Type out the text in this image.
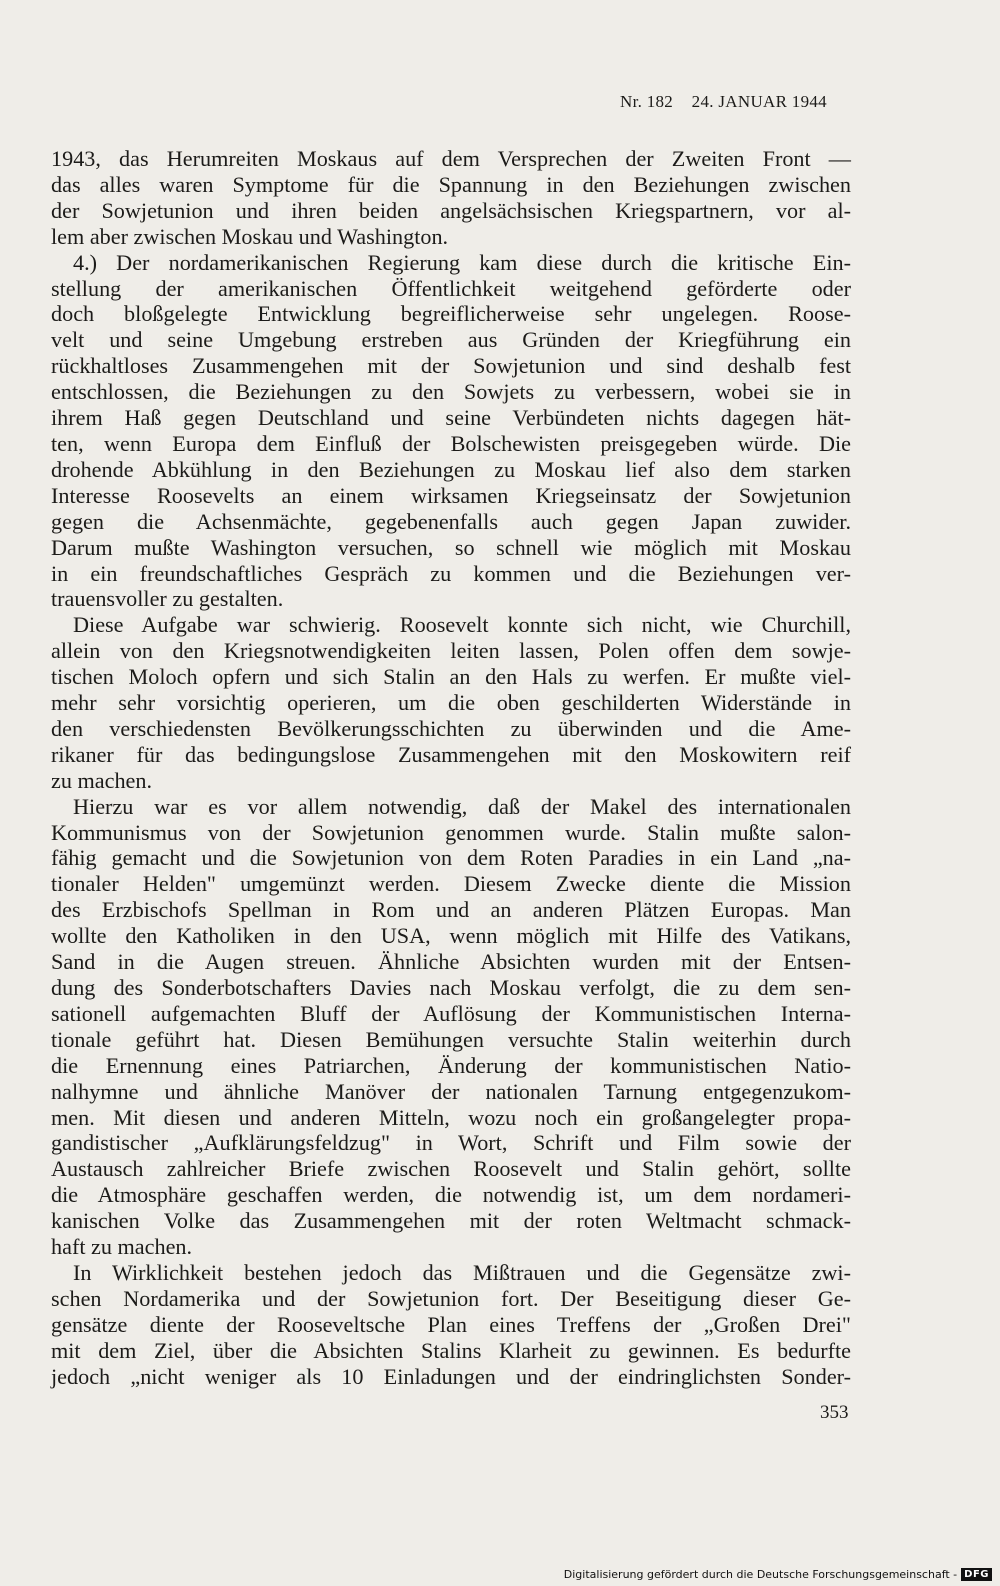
Nr. 182 24. JANUAR 1944
1943, das Herumreiten Moskaus auf dem Versprechen der Zweiten Front —
das alles waren Symptome für die Spannung in den Beziehungen zwischen
der Sowjetunion und ihren beiden angelsächsischen Kriegspartnern, vor al-
lem aber zwischen Moskau und Washington.
4.) Der nordamerikanischen Regierung kam diese durch die kritische Ein-
stellung der amerikanischen Öffentlichkeit weitgehend geförderte oder
doch bloßgelegte Entwicklung begreiflicherweise sehr ungelegen. Roose-
velt und seine Umgebung erstreben aus Gründen der Kriegführung ein
rückhaltloses Zusammengehen mit der Sowjetunion und sind deshalb fest
entschlossen, die Beziehungen zu den Sowjets zu verbessern, wobei sie in
ihrem Haß gegen Deutschland und seine Verbündeten nichts dagegen hät-
ten, wenn Europa dem Einfluß der Bolschewisten preisgegeben würde. Die
drohende Abkühlung in den Beziehungen zu Moskau lief also dem starken
Interesse Roosevelts an einem wirksamen Kriegseinsatz der Sowjetunion
gegen die Achsenmächte, gegebenenfalls auch gegen Japan zuwider.
Darum mußte Washington versuchen, so schnell wie möglich mit Moskau
in ein freundschaftliches Gespräch zu kommen und die Beziehungen ver-
trauensvoller zu gestalten.
Diese Aufgabe war schwierig. Roosevelt konnte sich nicht, wie Churchill,
allein von den Kriegsnotwendigkeiten leiten lassen, Polen offen dem sowje-
tischen Moloch opfern und sich Stalin an den Hals zu werfen. Er mußte viel-
mehr sehr vorsichtig operieren, um die oben geschilderten Widerstände in
den verschiedensten Bevölkerungsschichten zu überwinden und die Ame-
rikaner für das bedingungslose Zusammengehen mit den Moskowitern reif
zu machen.
Hierzu war es vor allem notwendig, daß der Makel des internationalen
Kommunismus von der Sowjetunion genommen wurde. Stalin mußte salon-
fähig gemacht und die Sowjetunion von dem Roten Paradies in ein Land „na-
tionaler Helden" umgemünzt werden. Diesem Zwecke diente die Mission
des Erzbischofs Spellman in Rom und an anderen Plätzen Europas. Man
wollte den Katholiken in den USA, wenn möglich mit Hilfe des Vatikans,
Sand in die Augen streuen. Ähnliche Absichten wurden mit der Entsen-
dung des Sonderbotschafters Davies nach Moskau verfolgt, die zu dem sen-
sationell aufgemachten Bluff der Auflösung der Kommunistischen Interna-
tionale geführt hat. Diesen Bemühungen versuchte Stalin weiterhin durch
die Ernennung eines Patriarchen, Änderung der kommunistischen Natio-
nalhymne und ähnliche Manöver der nationalen Tarnung entgegenzukom-
men. Mit diesen und anderen Mitteln, wozu noch ein großangelegter propa-
gandistischer „Aufklärungsfeldzug" in Wort, Schrift und Film sowie der
Austausch zahlreicher Briefe zwischen Roosevelt und Stalin gehört, sollte
die Atmosphäre geschaffen werden, die notwendig ist, um dem nordameri-
kanischen Volke das Zusammengehen mit der roten Weltmacht schmack-
haft zu machen.
In Wirklichkeit bestehen jedoch das Mißtrauen und die Gegensätze zwi-
schen Nordamerika und der Sowjetunion fort. Der Beseitigung dieser Ge-
gensätze diente der Rooseveltsche Plan eines Treffens der „Großen Drei"
mit dem Ziel, über die Absichten Stalins Klarheit zu gewinnen. Es bedurfte
jedoch „nicht weniger als 10 Einladungen und der eindringlichsten Sonder-
353
Digitalisierung gefördert durch die Deutsche Forschungsgemeinschaft - DFG
